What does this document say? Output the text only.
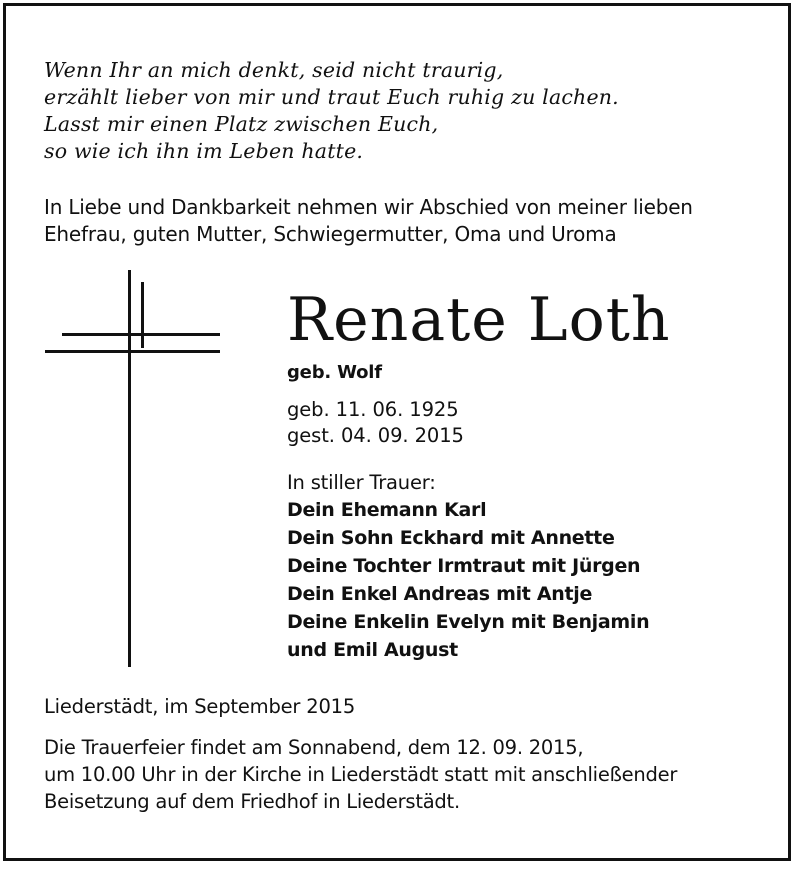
Wenn Ihr an mich denkt, seid nicht traurig,
erzählt lieber von mir und traut Euch ruhig zu lachen.
Lasst mir einen Platz zwischen Euch,
so wie ich ihn im Leben hatte.
In Liebe und Dankbarkeit nehmen wir Abschied von meiner lieben
Ehefrau, guten Mutter, Schwiegermutter, Oma und Uroma
Renate Loth
geb. Wolf
geb. 11. 06. 1925
gest. 04. 09. 2015
In stiller Trauer:
Dein Ehemann Karl
Dein Sohn Eckhard mit Annette
Deine Tochter Irmtraut mit Jürgen
Dein Enkel Andreas mit Antje
Deine Enkelin Evelyn mit Benjamin
und Emil August
Liederstädt, im September 2015
Die Trauerfeier findet am Sonnabend, dem 12. 09. 2015,
um 10.00 Uhr in der Kirche in Liederstädt statt mit anschließender
Beisetzung auf dem Friedhof in Liederstädt.
